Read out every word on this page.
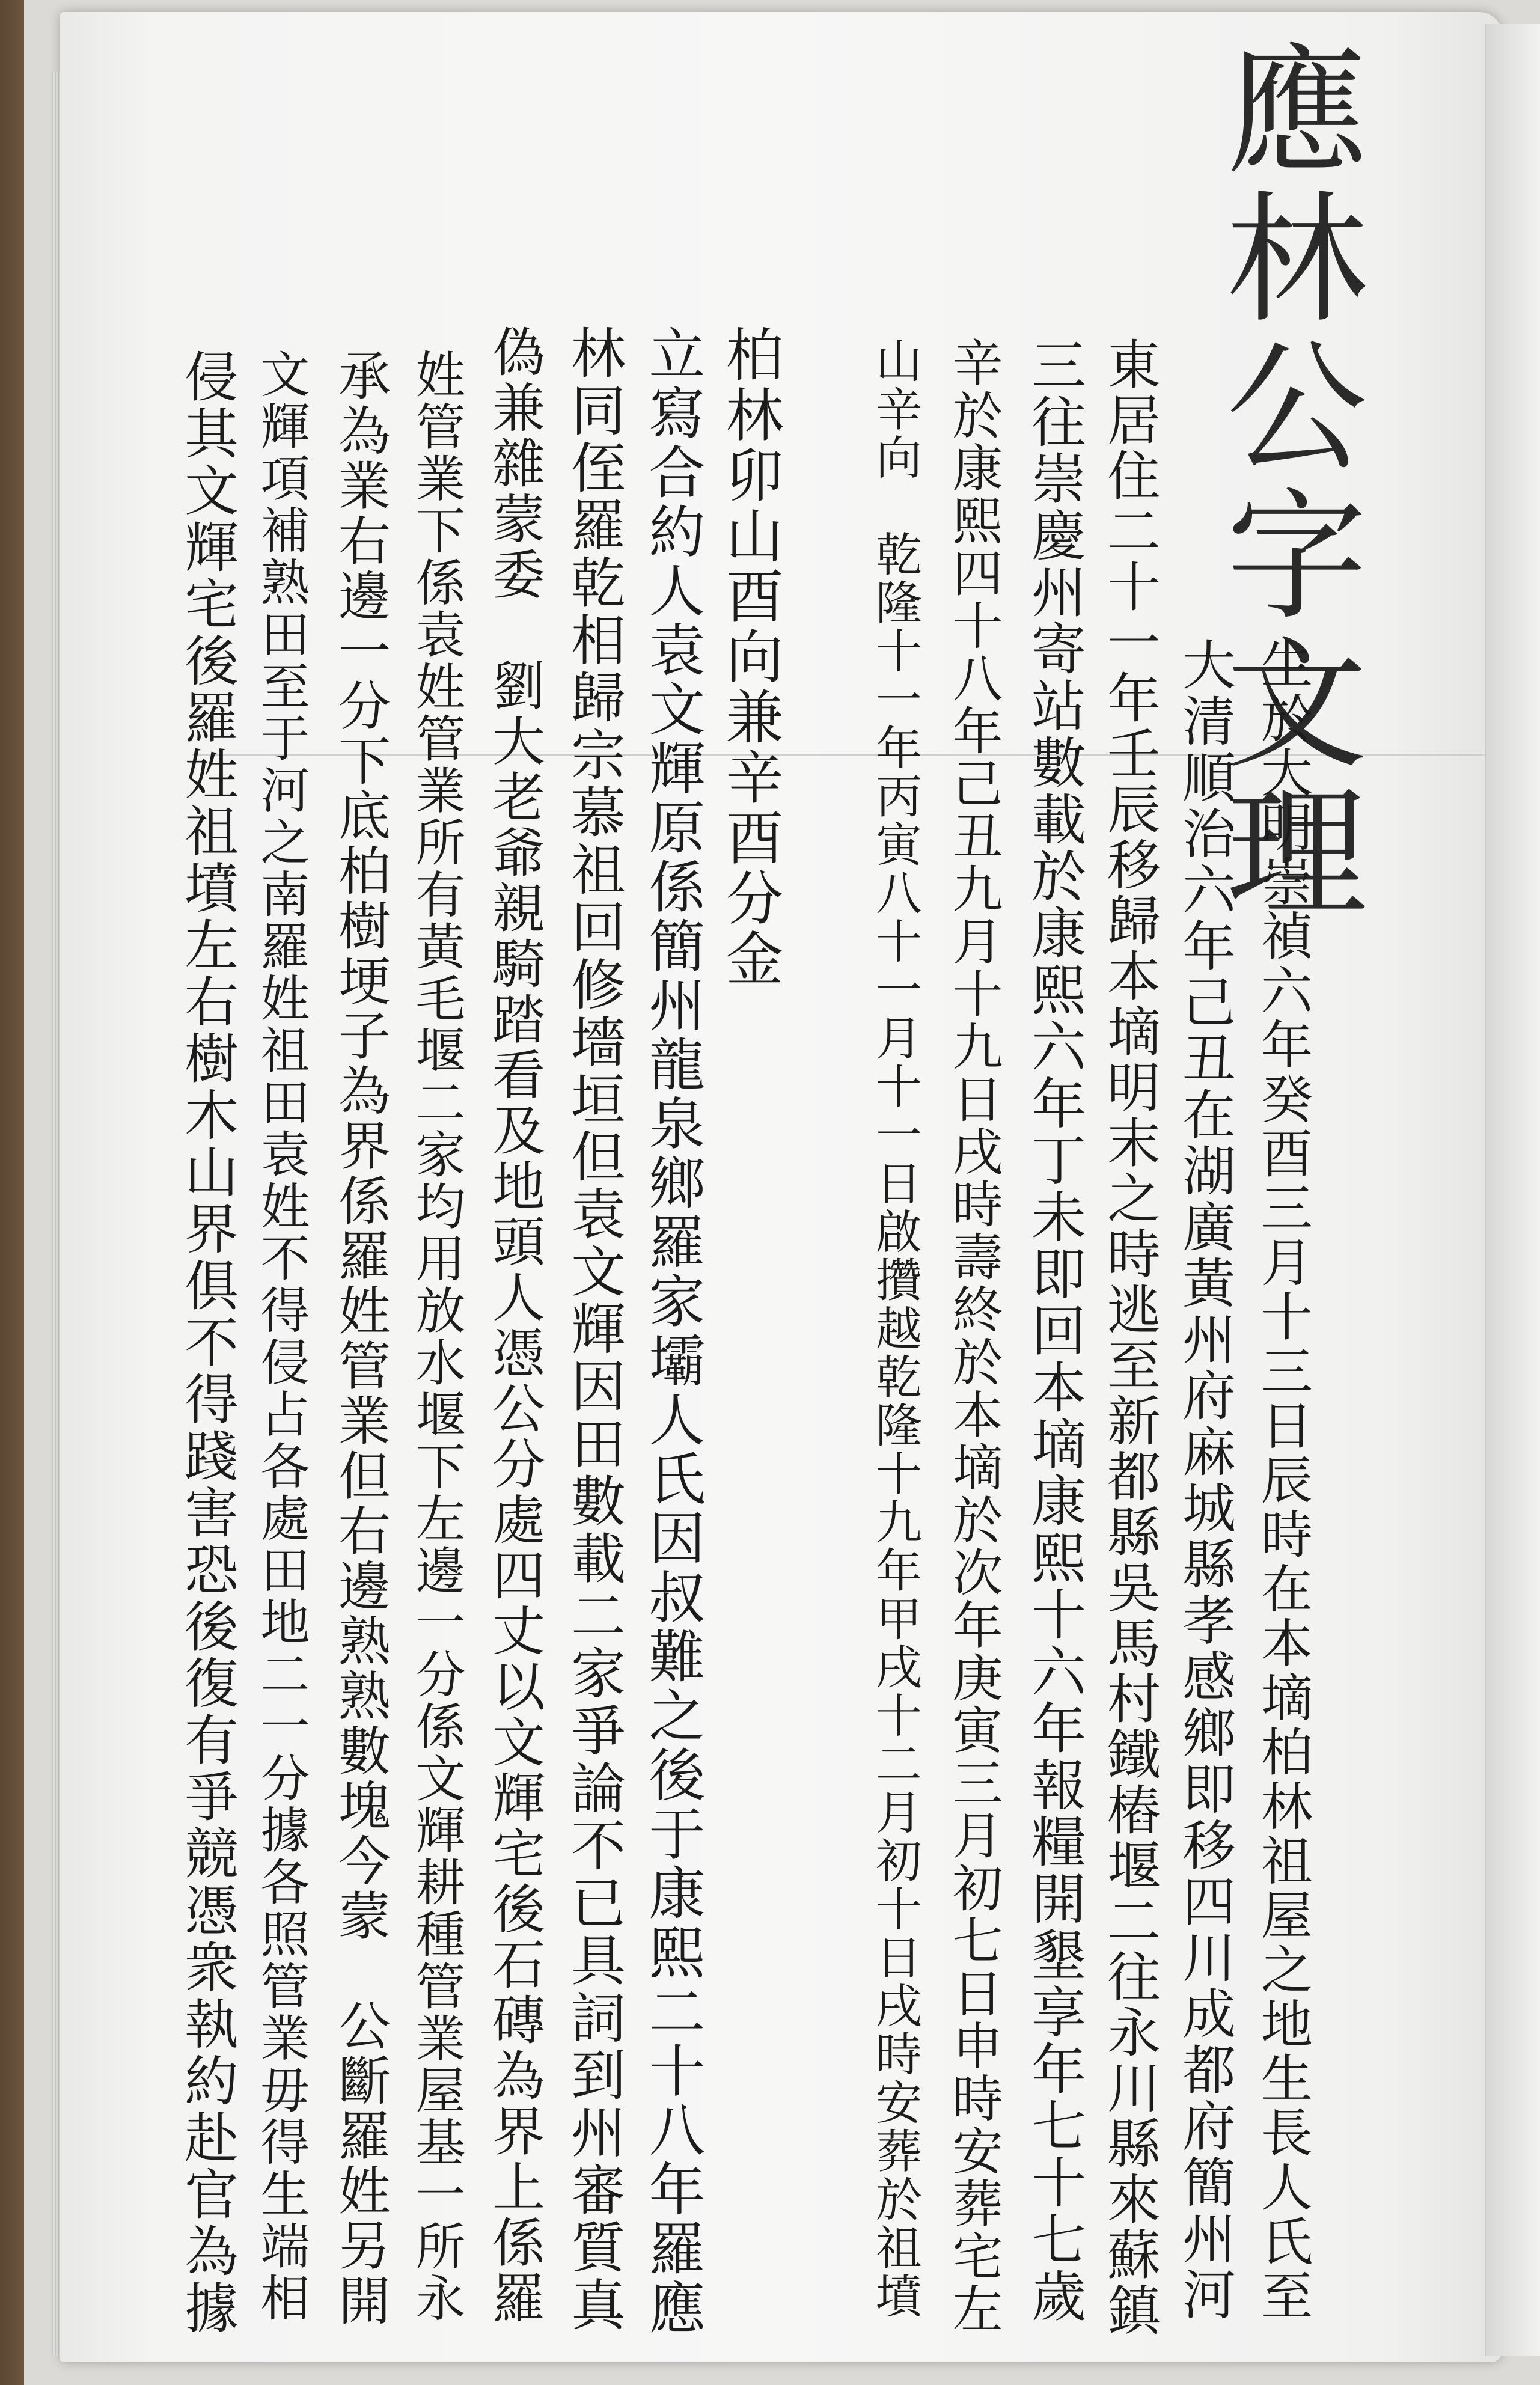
應林公字文理
生於大明崇禎六年癸酉三月十三日辰時在本墑柏林祖屋之地生長人氏至
大清順治六年己丑在湖廣黃州府麻城縣孝感鄉即移四川成都府簡州河
東居住二十一年壬辰移歸本墑明末之時逃至新都縣吳馬村鐵樁堰二往永川縣來蘇鎮
三往崇慶州寄站數載於康熙六年丁未即回本墑康熙十六年報糧開墾享年七十七歲
辛於康熙四十八年己丑九月十九日戌時壽終於本墑於次年庚寅三月初七日申時安葬宅左
山辛向　乾隆十一年丙寅八十一月十一日啟攢越乾隆十九年甲戌十二月初十日戌時安葬於祖墳
柏林卯山酉向兼辛酉分金
立寫合約人袁文輝原係簡州龍泉鄉羅家壩人氏因叔難之後于康熙二十八年羅應
林同侄羅乾相歸宗慕祖回修墻垣但袁文輝因田數載二家爭論不已具詞到州審質真
偽兼雜蒙委　劉大老爺親騎踏看及地頭人憑公分處四丈以文輝宅後石磚為界上係羅
姓管業下係袁姓管業所有黃毛堰二家均用放水堰下左邊一分係文輝耕種管業屋基一所永
承為業右邊一分下底柏樹埂子為界係羅姓管業但右邊熟熟數塊今蒙　公斷羅姓另開
文輝項補熟田至于河之南羅姓祖田袁姓不得侵占各處田地二一分據各照管業毋得生端相
侵其文輝宅後羅姓祖墳左右樹木山界俱不得踐害恐後復有爭競憑衆執約赴官為據
